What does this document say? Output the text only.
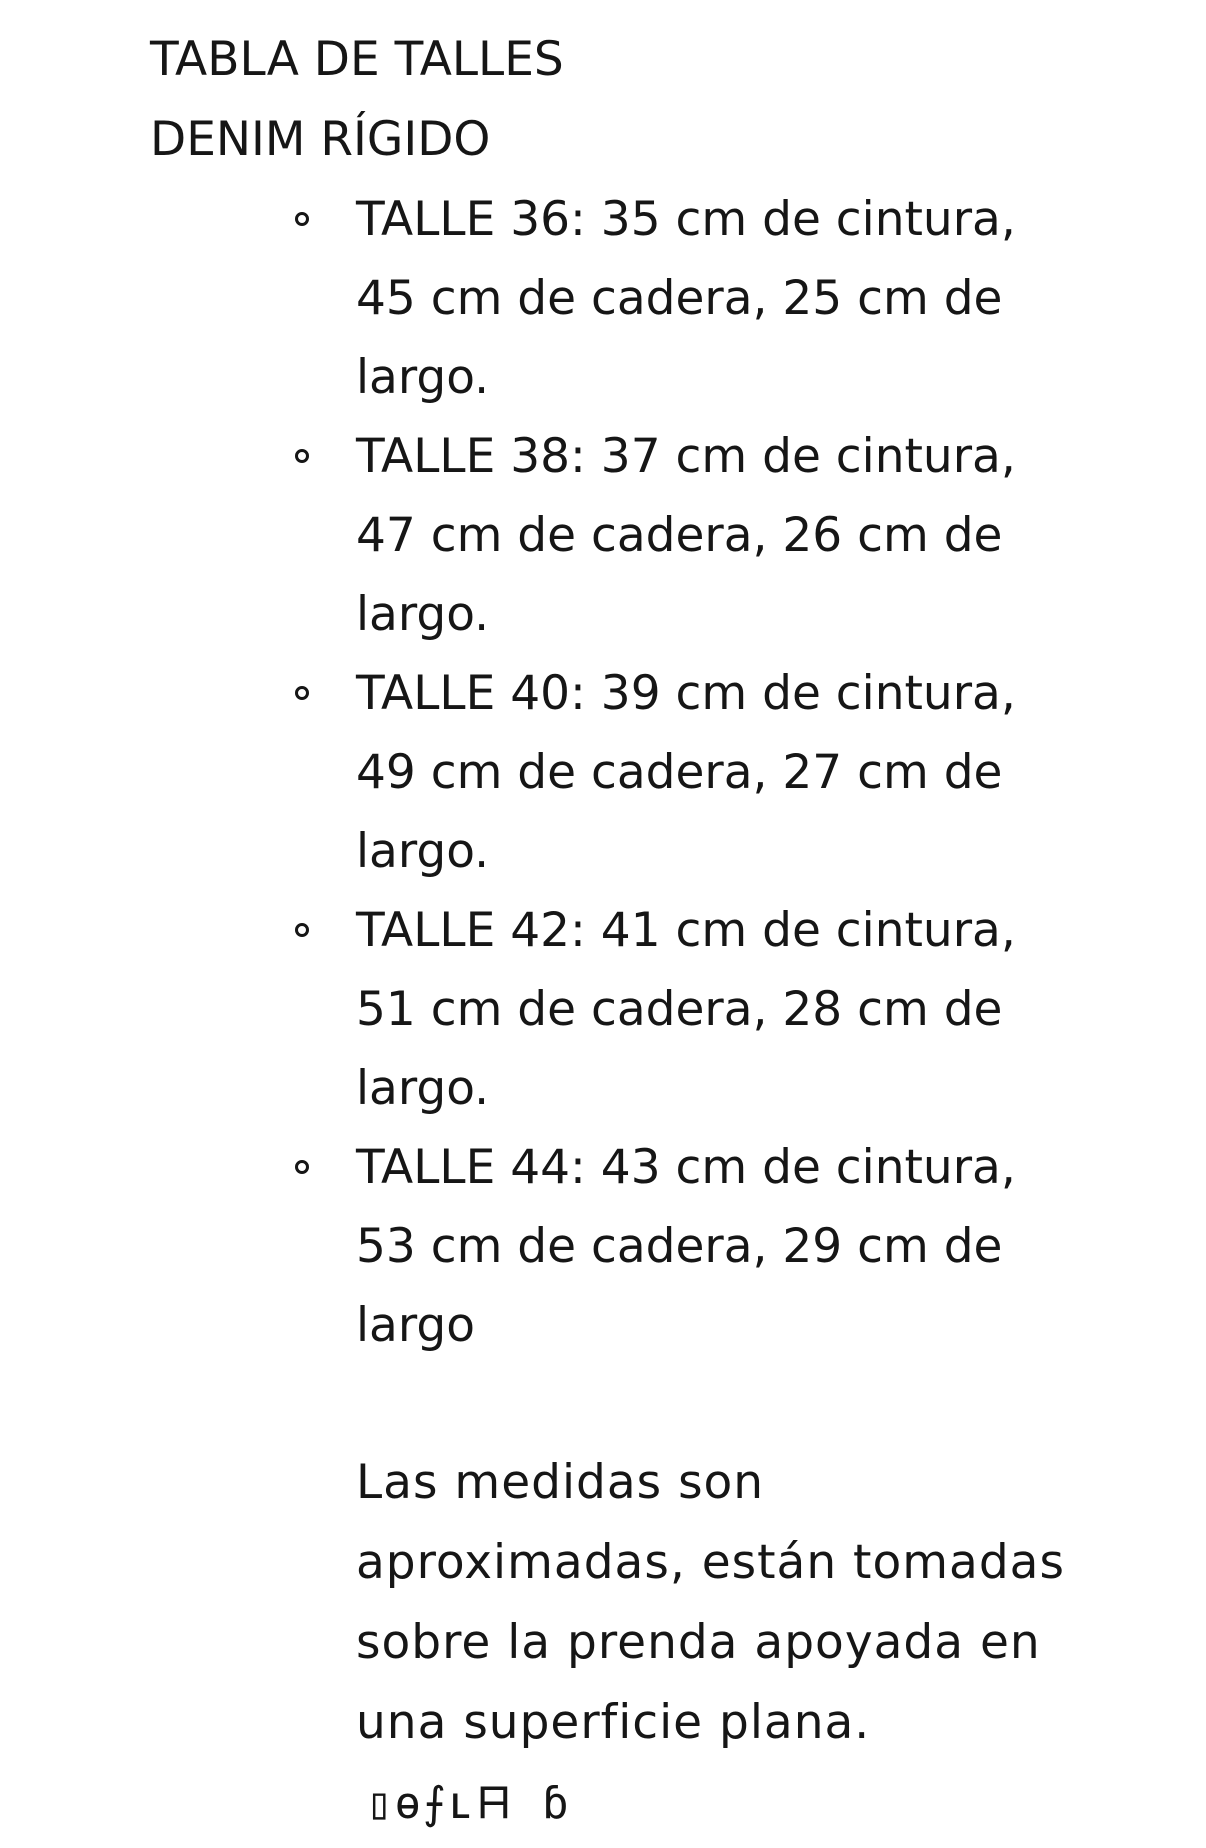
TABLA DE TALLES
DENIM RÍGIDO
TALLE 36: 35 cm de cintura, 45 cm de cadera, 25 cm de largo.
TALLE 38: 37 cm de cintura, 47 cm de cadera, 26 cm de largo.
TALLE 40: 39 cm de cintura, 49 cm de cadera, 27 cm de largo.
TALLE 42: 41 cm de cintura, 51 cm de cadera, 28 cm de largo.
TALLE 44: 43 cm de cintura, 53 cm de cadera, 29 cm de largo
Las medidas son aproximadas, están tomadas sobre la prenda apoyada en una superficie plana. ▯ɵ⨍ʟ𝈤 ɓ
